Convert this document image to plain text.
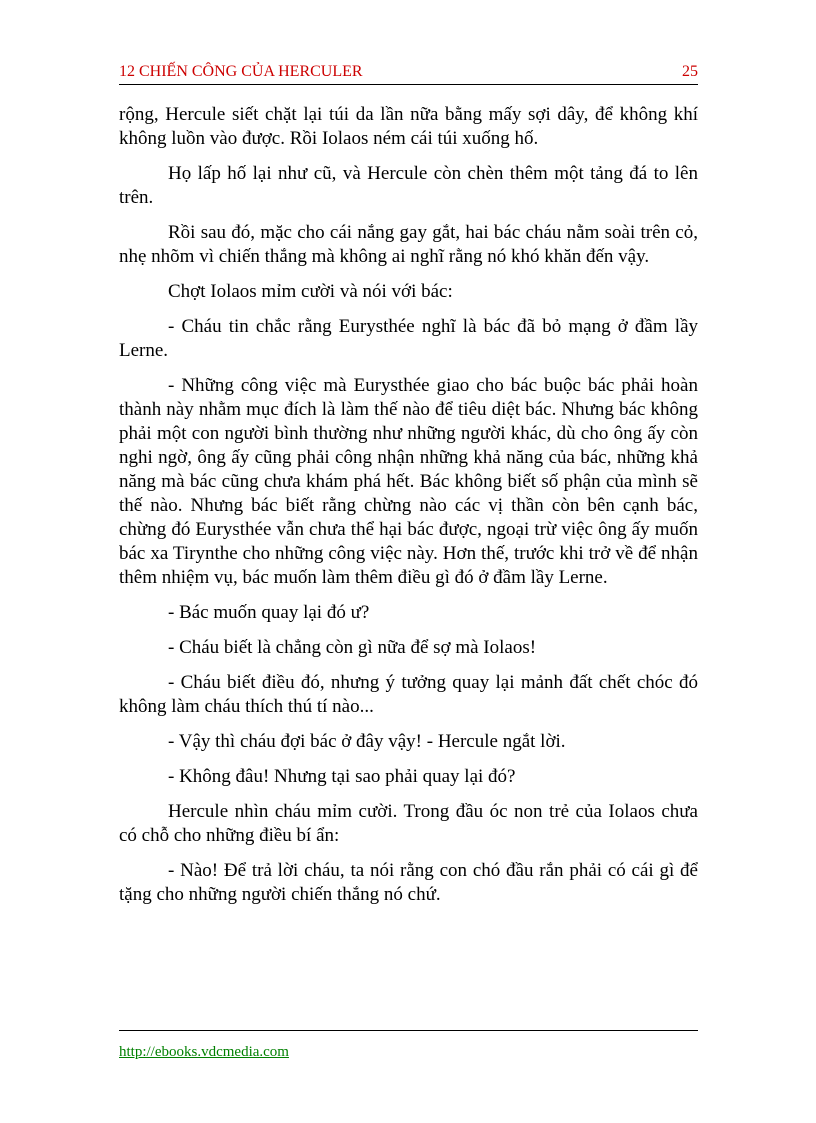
12 CHIẾN CÔNG CỦA HERCULER	25

rộng, Hercule siết chặt lại túi da lần nữa bằng mấy sợi dây, để không khí không luồn vào được. Rồi Iolaos ném cái túi xuống hố.

Họ lấp hố lại như cũ, và Hercule còn chèn thêm một tảng đá to lên trên.

Rồi sau đó, mặc cho cái nắng gay gắt, hai bác cháu nằm soài trên cỏ, nhẹ nhõm vì chiến thắng mà không ai nghĩ rằng nó khó khăn đến vậy.

Chợt Iolaos mỉm cười và nói với bác:

- Cháu tin chắc rằng Eurysthée nghĩ là bác đã bỏ mạng ở đầm lầy Lerne.

- Những công việc mà Eurysthée giao cho bác buộc bác phải hoàn thành này nhằm mục đích là làm thế nào để tiêu diệt bác. Nhưng bác không phải một con người bình thường như những người khác, dù cho ông ấy còn nghi ngờ, ông ấy cũng phải công nhận những khả năng của bác, những khả năng mà bác cũng chưa khám phá hết. Bác không biết số phận của mình sẽ thế nào. Nhưng bác biết rằng chừng nào các vị thần còn bên cạnh bác, chừng đó Eurysthée vẫn chưa thể hại bác được, ngoại trừ việc ông ấy muốn bác xa Tirynthe cho những công việc này. Hơn thế, trước khi trở về để nhận thêm nhiệm vụ, bác muốn làm thêm điều gì đó ở đầm lầy Lerne.

- Bác muốn quay lại đó ư?

- Cháu biết là chẳng còn gì nữa để sợ mà Iolaos!

- Cháu biết điều đó, nhưng ý tưởng quay lại mảnh đất chết chóc đó không làm cháu thích thú tí nào...

- Vậy thì cháu đợi bác ở đây vậy! - Hercule ngắt lời.

- Không đâu! Nhưng tại sao phải quay lại đó?

Hercule nhìn cháu mỉm cười. Trong đầu óc non trẻ của Iolaos chưa có chỗ cho những điều bí ẩn:

- Nào! Để trả lời cháu, ta nói rằng con chó đầu rắn phải có cái gì để tặng cho những người chiến thắng nó chứ.

http://ebooks.vdcmedia.com
